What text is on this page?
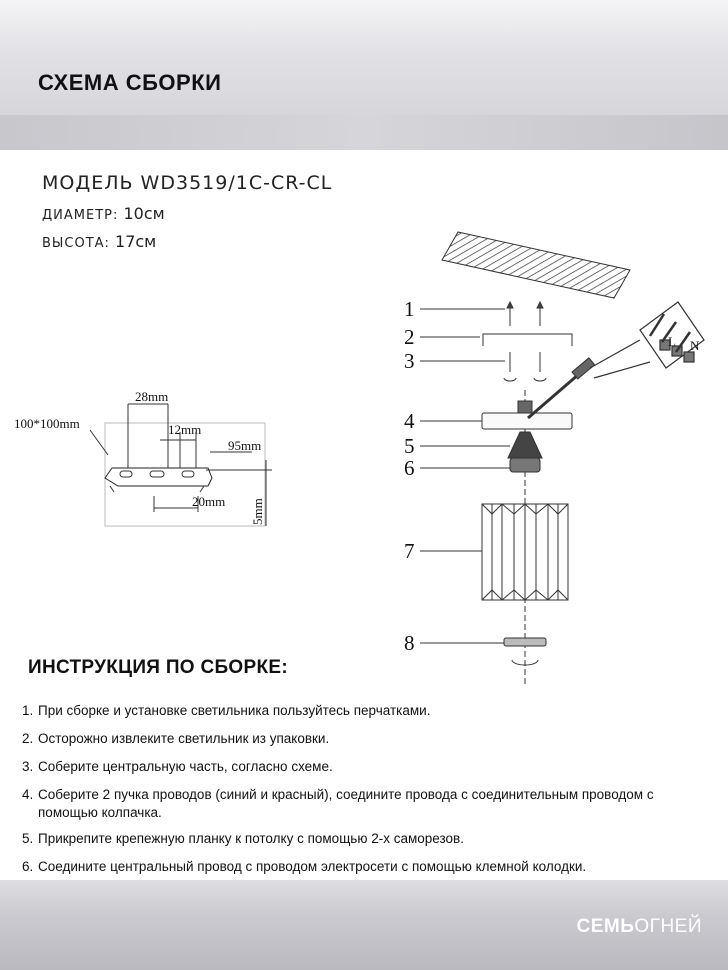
СХЕМА СБОРКИ
МОДЕЛЬ WD3519/1C-CR-CL
ДИАМЕТР: 10см
ВЫСОТА: 17см
28mm
12mm
100*100mm
95mm
20mm 5mm
1
2
3
4
5
6
7
8
L N
ИНСТРУКЦИЯ ПО СБОРКЕ:
1. При сборке и установке светильника пользуйтесь перчатками.
2. Осторожно извлеките светильник из упаковки.
3. Соберите центральную часть, согласно схеме.
4. Соберите 2 пучка проводов (синий и красный), соедините провода с соединительным проводом с помощью колпачка.
5. Прикрепите крепежную планку к потолку с помощью 2-х саморезов.
6. Соедините центральный провод с проводом электросети с помощью клемной колодки.
СЕМЬОГНЕЙ
